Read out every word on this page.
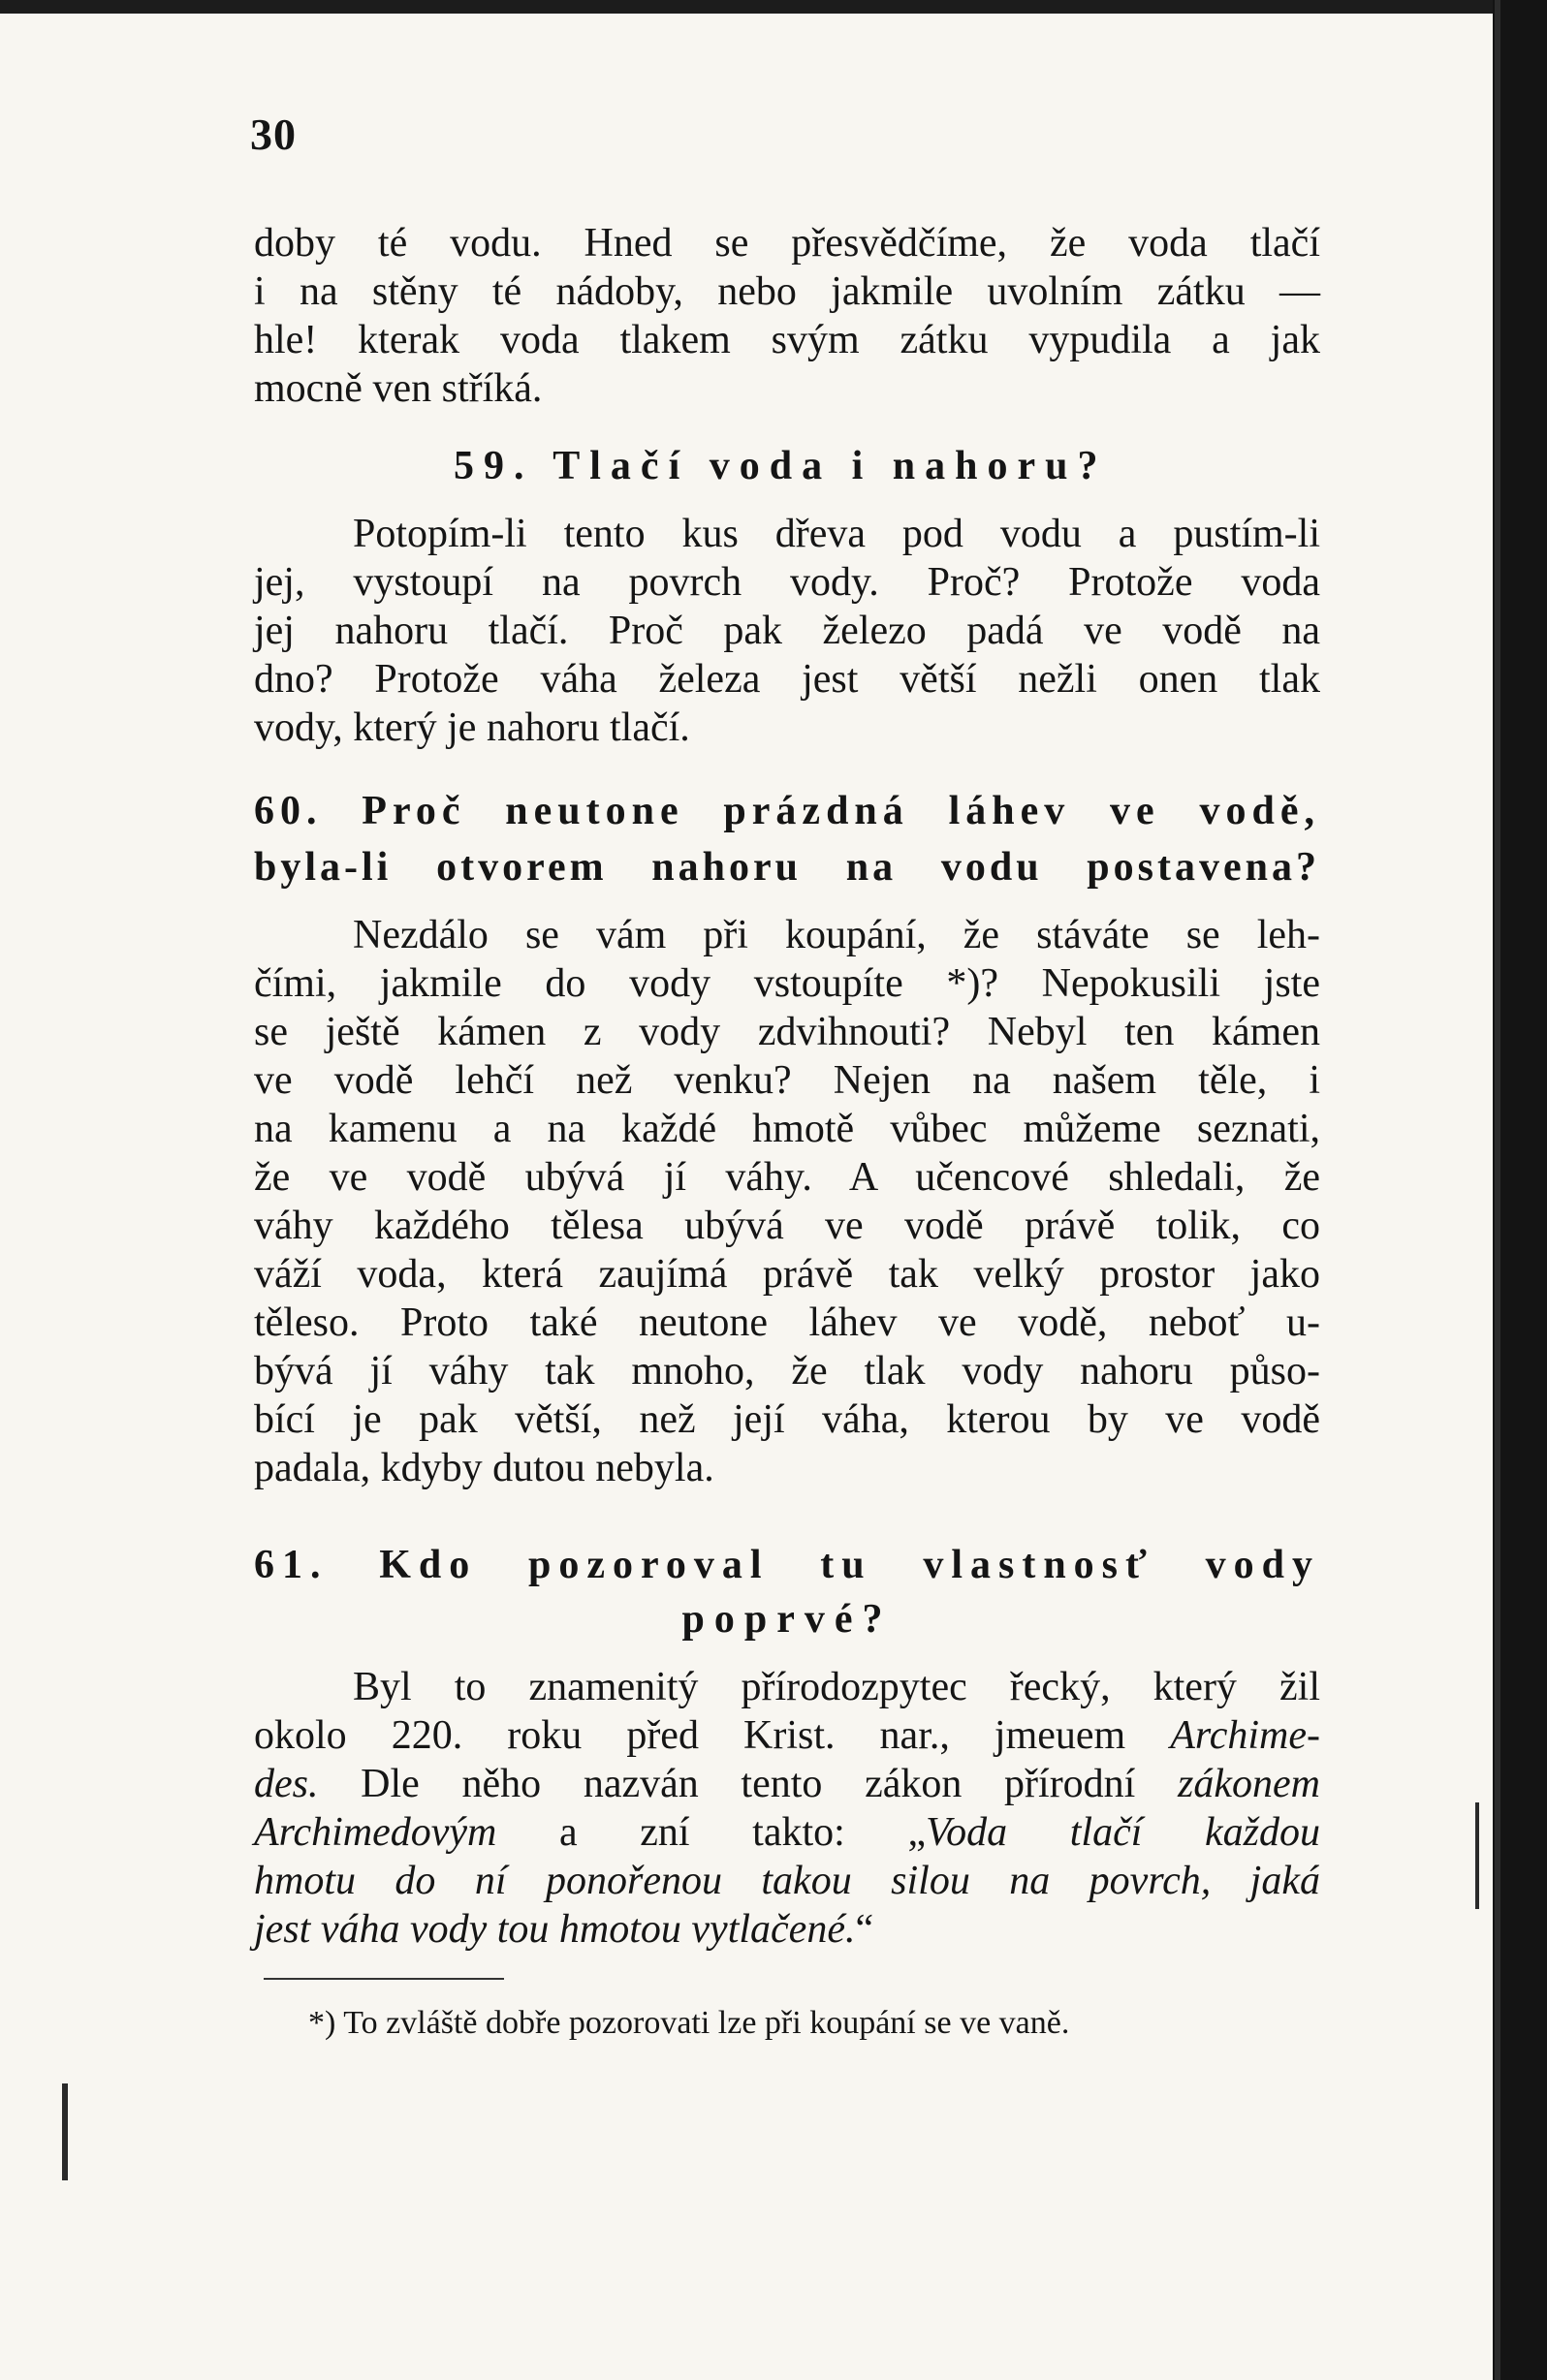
30
doby té vodu. Hned se přesvědčíme, že voda tlačí
i na stěny té nádoby, nebo jakmile uvolním zátku —
hle! kterak voda tlakem svým zátku vypudila a jak
mocně ven stříká.
59. Tlačí voda i nahoru?
Potopím-li tento kus dřeva pod vodu a pustím-li
jej, vystoupí na povrch vody. Proč? Protože voda
jej nahoru tlačí. Proč pak železo padá ve vodě na
dno? Protože váha železa jest větší nežli onen tlak
vody, který je nahoru tlačí.
60. Proč neutone prázdná láhev ve vodě,
byla-li otvorem nahoru na vodu postavena?
Nezdálo se vám při koupání, že stáváte se leh-
čími, jakmile do vody vstoupíte *)? Nepokusili jste
se ještě kámen z vody zdvihnouti? Nebyl ten kámen
ve vodě lehčí než venku? Nejen na našem těle, i
na kamenu a na každé hmotě vůbec můžeme seznati,
že ve vodě ubývá jí váhy. A učencové shledali, že
váhy každého tělesa ubývá ve vodě právě tolik, co
váží voda, která zaujímá právě tak velký prostor jako
těleso. Proto také neutone láhev ve vodě, neboť u-
bývá jí váhy tak mnoho, že tlak vody nahoru půso-
bící je pak větší, než její váha, kterou by ve vodě
padala, kdyby dutou nebyla.
61. Kdo pozoroval tu vlastnosť vody
poprvé?
Byl to znamenitý přírodozpytec řecký, který žil
okolo 220. roku před Krist. nar., jmeuem Archime-
des. Dle něho nazván tento zákon přírodní zákonem
Archimedovým a zní takto: „Voda tlačí každou
hmotu do ní ponořenou takou silou na povrch, jaká
jest váha vody tou hmotou vytlačené.“
*) To zvláště dobře pozorovati lze při koupání se ve vaně.
